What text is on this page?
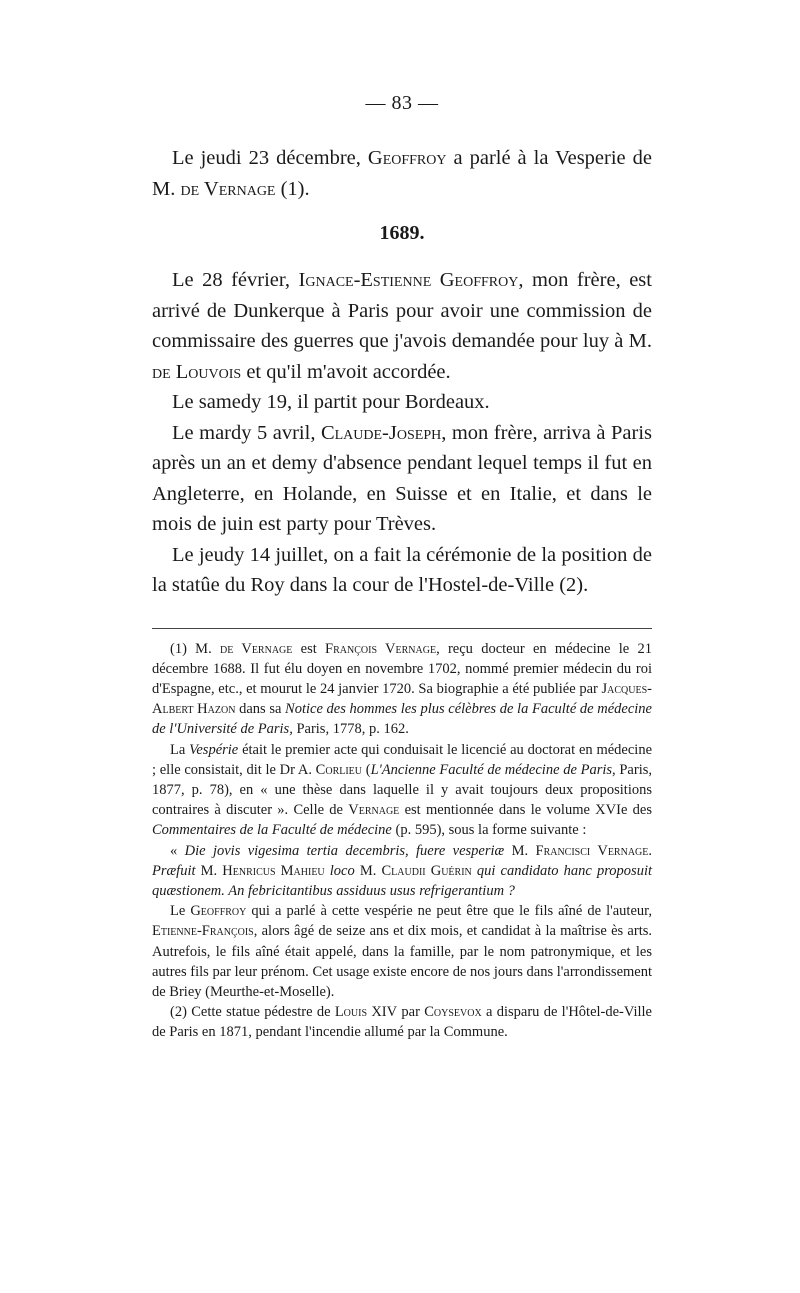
— 83 —

Le jeudi 23 décembre, Geoffroy a parlé à la Vesperie de M. de Vernage (1).

1689.

Le 28 février, Ignace-Estienne Geoffroy, mon frère, est arrivé de Dunkerque à Paris pour avoir une commission de commissaire des guerres que j'avois demandée pour luy à M. de Louvois et qu'il m'avoit accordée.

Le samedy 19, il partit pour Bordeaux.

Le mardy 5 avril, Claude-Joseph, mon frère, arriva à Paris après un an et demy d'absence pendant lequel temps il fut en Angleterre, en Holande, en Suisse et en Italie, et dans le mois de juin est party pour Trèves.

Le jeudy 14 juillet, on a fait la cérémonie de la position de la statûe du Roy dans la cour de l'Hostel-de-Ville (2).

(1) M. de Vernage est François Vernage, reçu docteur en médecine le 21 décembre 1688. Il fut élu doyen en novembre 1702, nommé premier médecin du roi d'Espagne, etc., et mourut le 24 janvier 1720. Sa biographie a été publiée par Jacques-Albert Hazon dans sa Notice des hommes les plus célèbres de la Faculté de médecine de l'Université de Paris, Paris, 1778, p. 162.

La Vespérie était le premier acte qui conduisait le licencié au doctorat en médecine ; elle consistait, dit le Dr A. Corlieu (L'Ancienne Faculté de médecine de Paris, Paris, 1877, p. 78), en « une thèse dans laquelle il y avait toujours deux propositions contraires à discuter ». Celle de Vernage est mentionnée dans le volume XVIe des Commentaires de la Faculté de médecine (p. 595), sous la forme suivante :

« Die jovis vigesima tertia decembris, fuere vesperiæ M. Francisci Vernage. Præfuit M. Henricus Mahieu loco M. Claudii Guérin qui candidato hanc proposuit quæstionem. An febricitantibus assiduus usus refrigerantium ?

Le Geoffroy qui a parlé à cette vespérie ne peut être que le fils aîné de l'auteur, Etienne-François, alors âgé de seize ans et dix mois, et candidat à la maîtrise ès arts. Autrefois, le fils aîné était appelé, dans la famille, par le nom patronymique, et les autres fils par leur prénom. Cet usage existe encore de nos jours dans l'arrondissement de Briey (Meurthe-et-Moselle).

(2) Cette statue pédestre de Louis XIV par Coysevox a disparu de l'Hôtel-de-Ville de Paris en 1871, pendant l'incendie allumé par la Commune.
